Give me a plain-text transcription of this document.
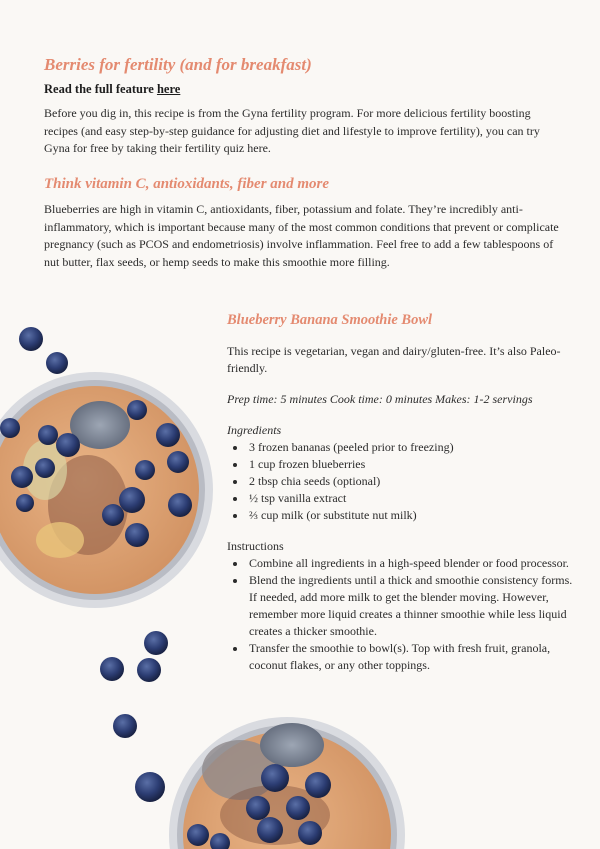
Berries for fertility (and for breakfast)

Read the full feature here

Before you dig in, this recipe is from the Gyna fertility program. For more delicious fertility boosting recipes (and easy step-by-step guidance for adjusting diet and lifestyle to improve fertility), you can try Gyna for free by taking their fertility quiz here.

Think vitamin C, antioxidants, fiber and more

Blueberries are high in vitamin C, antioxidants, fiber, potassium and folate. They’re incredibly anti-inflammatory, which is important because many of the most common conditions that prevent or complicate pregnancy (such as PCOS and endometriosis) involve inflammation. Feel free to add a few tablespoons of nut butter, flax seeds, or hemp seeds to make this smoothie more filling.

Blueberry Banana Smoothie Bowl

This recipe is vegetarian, vegan and dairy/gluten-free. It’s also Paleo-friendly.

Prep time: 5 minutes Cook time: 0 minutes Makes: 1-2 servings

Ingredients

• 3 frozen bananas (peeled prior to freezing)
• 1 cup frozen blueberries
• 2 tbsp chia seeds (optional)
• ½ tsp vanilla extract
• ⅔ cup milk (or substitute nut milk)

Instructions

• Combine all ingredients in a high-speed blender or food processor.
• Blend the ingredients until a thick and smoothie consistency forms. If needed, add more milk to get the blender moving. However, remember more liquid creates a thinner smoothie while less liquid creates a thicker smoothie.
• Transfer the smoothie to bowl(s). Top with fresh fruit, granola, coconut flakes, or any other toppings.
